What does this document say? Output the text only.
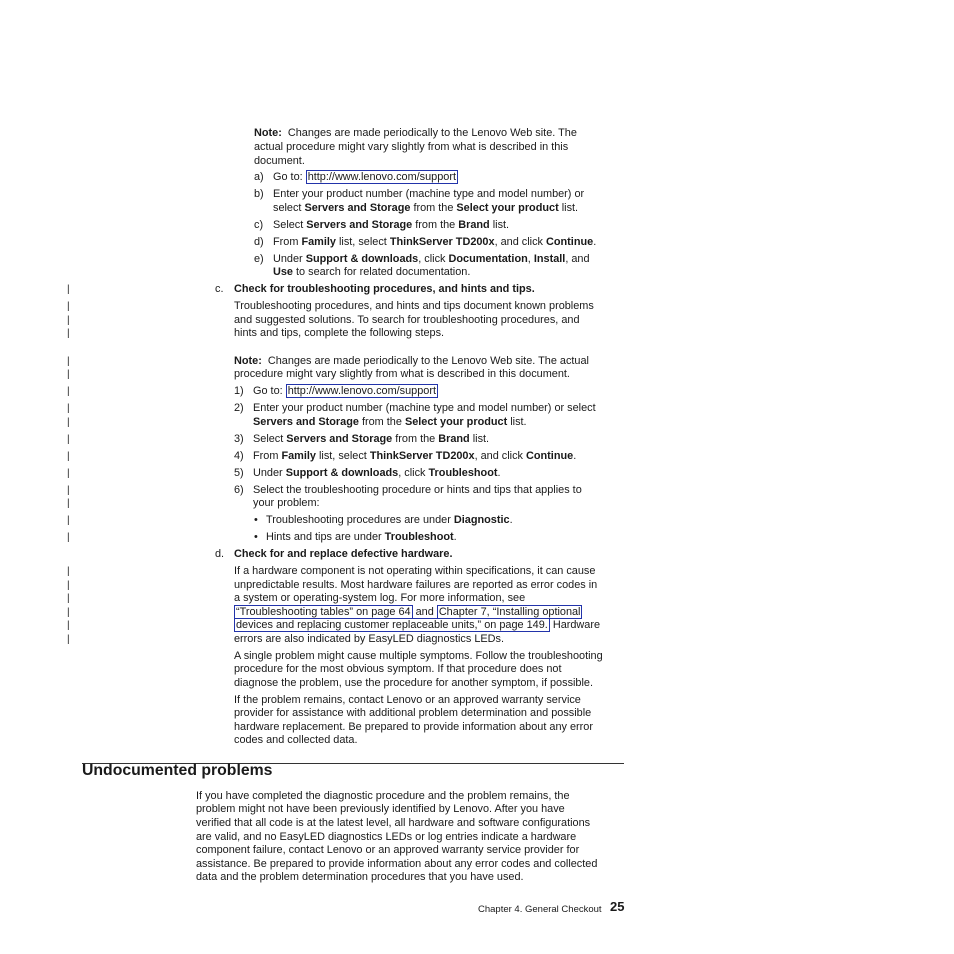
|
|
|
|
|
|
|
|
|
|
|
|
|
|
|
|
|
|
|
|
|
|
Note: Changes are made periodically to the Lenovo Web site. The
actual procedure might vary slightly from what is described in this
document.
a) Go to: http://www.lenovo.com/support
b) Enter your product number (machine type and model number) or
select Servers and Storage from the Select your product list.
c) Select Servers and Storage from the Brand list.
d) From Family list, select ThinkServer TD200x, and click Continue.
e) Under Support & downloads, click Documentation, Install, and
Use to search for related documentation.
c. Check for troubleshooting procedures, and hints and tips.
Troubleshooting procedures, and hints and tips document known problems
and suggested solutions. To search for troubleshooting procedures, and
hints and tips, complete the following steps.
Note: Changes are made periodically to the Lenovo Web site. The actual
procedure might vary slightly from what is described in this document.
1) Go to: http://www.lenovo.com/support
2) Enter your product number (machine type and model number) or select
Servers and Storage from the Select your product list.
3) Select Servers and Storage from the Brand list.
4) From Family list, select ThinkServer TD200x, and click Continue.
5) Under Support & downloads, click Troubleshoot.
6) Select the troubleshooting procedure or hints and tips that applies to
your problem:
• Troubleshooting procedures are under Diagnostic.
• Hints and tips are under Troubleshoot.
d. Check for and replace defective hardware.
If a hardware component is not operating within specifications, it can cause
unpredictable results. Most hardware failures are reported as error codes in
a system or operating-system log. For more information, see
“Troubleshooting tables” on page 64 and Chapter 7, “Installing optional
devices and replacing customer replaceable units,” on page 149. Hardware
errors are also indicated by EasyLED diagnostics LEDs.
A single problem might cause multiple symptoms. Follow the troubleshooting
procedure for the most obvious symptom. If that procedure does not
diagnose the problem, use the procedure for another symptom, if possible.
If the problem remains, contact Lenovo or an approved warranty service
provider for assistance with additional problem determination and possible
hardware replacement. Be prepared to provide information about any error
codes and collected data.
Undocumented problems
If you have completed the diagnostic procedure and the problem remains, the
problem might not have been previously identified by Lenovo. After you have
verified that all code is at the latest level, all hardware and software configurations
are valid, and no EasyLED diagnostics LEDs or log entries indicate a hardware
component failure, contact Lenovo or an approved warranty service provider for
assistance. Be prepared to provide information about any error codes and collected
data and the problem determination procedures that you have used.
Chapter 4. General Checkout 25
